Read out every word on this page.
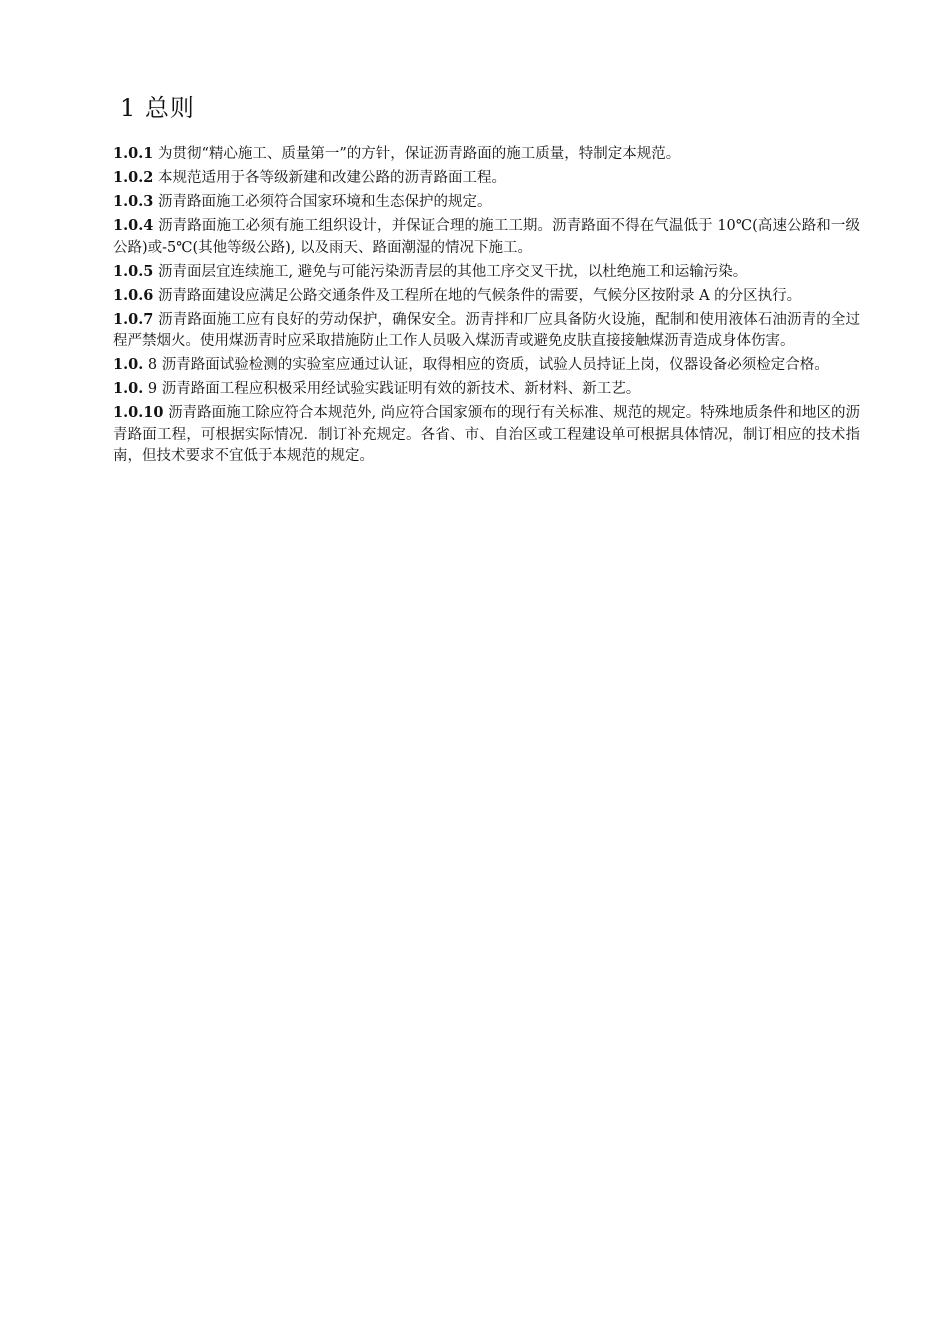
1 总则
1.0.1 为贯彻“精心施工、质量第一”的方针，保证沥青路面的施工质量，特制定本规范。
1.0.2 本规范适用于各等级新建和改建公路的沥青路面工程。
1.0.3 沥青路面施工必须符合国家环境和生态保护的规定。
1.0.4 沥青路面施工必须有施工组织设计，并保证合理的施工工期。沥青路面不得在气温低于 10℃(高速公路和一级公路)或-5℃(其他等级公路), 以及雨天、路面潮湿的情况下施工。
1.0.5 沥青面层宜连续施工, 避免与可能污染沥青层的其他工序交叉干扰，以杜绝施工和运输污染。
1.0.6 沥青路面建设应满足公路交通条件及工程所在地的气候条件的需要，气候分区按附录 A 的分区执行。
1.0.7 沥青路面施工应有良好的劳动保护，确保安全。沥青拌和厂应具备防火设施，配制和使用液体石油沥青的全过程严禁烟火。使用煤沥青时应采取措施防止工作人员吸入煤沥青或避免皮肤直接接触煤沥青造成身体伤害。
1.0. 8 沥青路面试验检测的实验室应通过认证，取得相应的资质，试验人员持证上岗，仪器设备必须检定合格。
1.0. 9 沥青路面工程应积极采用经试验实践证明有效的新技术、新材料、新工艺。
1.0.10 沥青路面施工除应符合本规范外, 尚应符合国家颁布的现行有关标准、规范的规定。特殊地质条件和地区的沥青路面工程，可根据实际情况．制订补充规定。各省、市、自治区或工程建设单可根据具体情况，制订相应的技术指南，但技术要求不宜低于本规范的规定。
